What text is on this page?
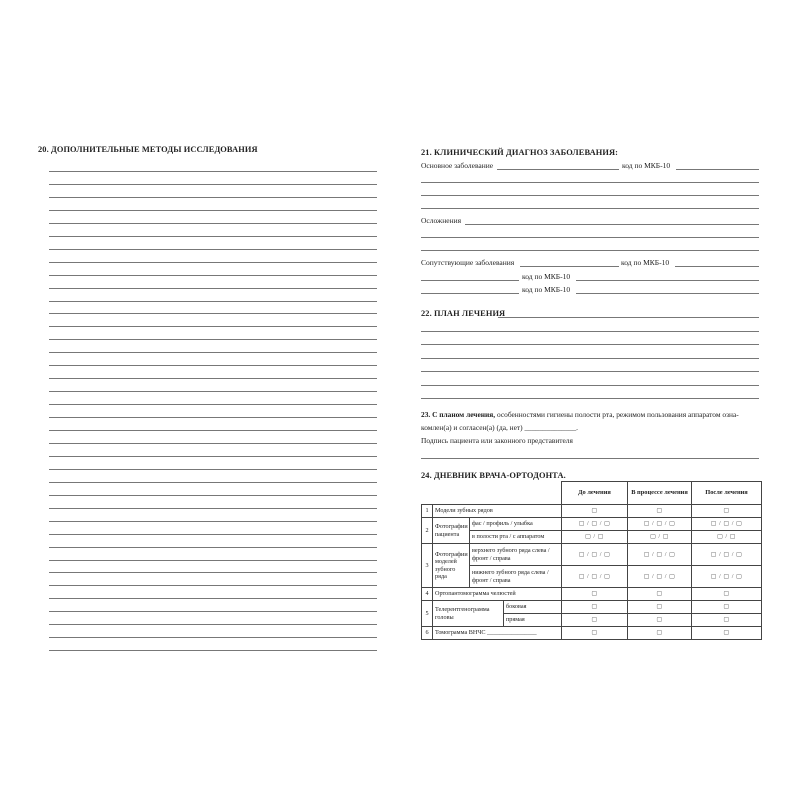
20. ДОПОЛНИТЕЛЬНЫЕ МЕТОДЫ ИССЛЕДОВАНИЯ	21. КЛИНИЧЕСКИЙ ДИАГНОЗ ЗАБОЛЕВАНИЯ:
Основное заболевание	код по МКБ-10
Осложнения
Сопутствующие заболевания	код по МКБ-10
код по МКБ-10
код по МКБ-10
22. ПЛАН ЛЕЧЕНИЯ
23. С планом лечения, особенностями гигиены полости рта, режимом пользования аппаратом озна-
комлен(а) и согласен(а) (да, нет) ______________.
Подпись пациента или законного представителя
24. ДНЕВНИК ВРАЧА-ОРТОДОНТА.
				До лечения	В процессе лечения	После лечения
1	Модели зубных рядов			▢	▢	▢
2	Фотографии пациента	фас / профиль / улыбка		▢ / ▢ / ▢	▢ / ▢ / ▢	▢ / ▢ / ▢
		в полости рта / с аппаратом		▢ / ▢	▢ / ▢	▢ / ▢
3	Фотографии моделей зубного ряда	верхнего зубного ряда слева / фронт / справа		▢ / ▢ / ▢	▢ / ▢ / ▢	▢ / ▢ / ▢
		нижнего зубного ряда слева / фронт / справа		▢ / ▢ / ▢	▢ / ▢ / ▢	▢ / ▢ / ▢
4	Ортопантомограмма челюстей			▢	▢	▢
5	Телерентгенограмма головы		боковая	▢	▢	▢
			прямая	▢	▢	▢
6	Томограмма ВНЧС ________________			▢	▢	▢
